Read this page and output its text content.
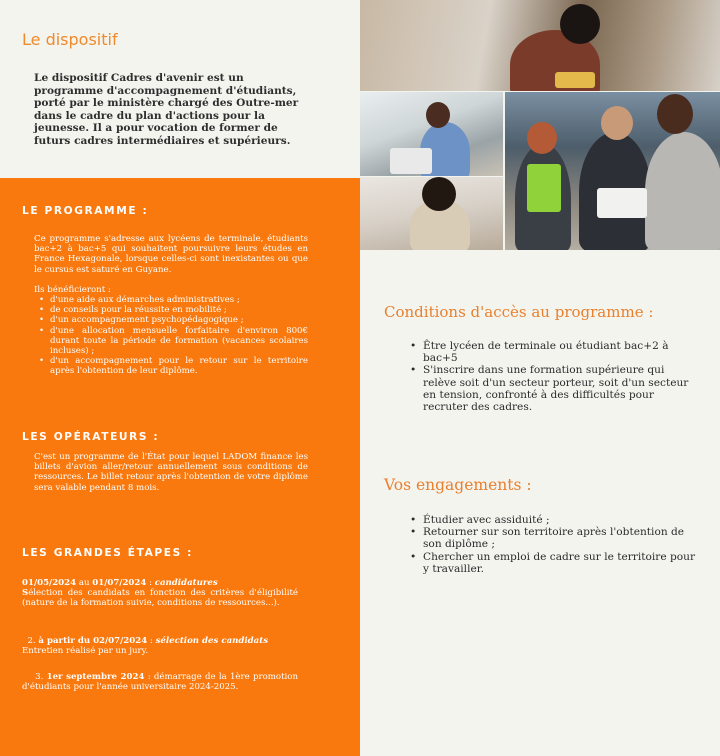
Le dispositif
Le dispositif Cadres d'avenir est un programme d'accompagnement d'étudiants, porté par le ministère chargé des Outre-mer dans le cadre du plan d'actions pour la jeunesse. Il a pour vocation de former de futurs cadres intermédiaires et supérieurs.
LE PROGRAMME :
Ce programme s'adresse aux lycéens de terminale, étudiants bac+2 à bac+5 qui souhaitent poursuivre leurs études en France Hexagonale, lorsque celles-ci sont inexistantes ou que le cursus est saturé en Guyane.
Ils bénéficieront :
• d'une aide aux démarches administratives ;
• de conseils pour la réussite en mobilité ;
• d'un accompagnement psychopédagogique ;
• d'une allocation mensuelle forfaitaire d'environ 800€ durant toute la période de formation (vacances scolaires incluses) ;
• d'un accompagnement pour le retour sur le territoire après l'obtention de leur diplôme.
LES OPÉRATEURS :
C'est un programme de l'État pour lequel LADOM finance les billets d'avion aller/retour annuellement sous conditions de ressources. Le billet retour après l'obtention de votre diplôme sera valable pendant 8 mois.
LES GRANDES ÉTAPES :
01/05/2024 au 01/07/2024 : candidatures
Sélection des candidats en fonction des critères d'éligibilité (nature de la formation suivie, conditions de ressources...).
2. à partir du 02/07/2024 : sélection des candidats
Entretien réalisé par un jury.
3. 1er septembre 2024 : démarrage de la 1ère promotion d'étudiants pour l'année universitaire 2024-2025.
Conditions d'accès au programme :
• Être lycéen de terminale ou étudiant bac+2 à bac+5
• S'inscrire dans une formation supérieure qui relève soit d'un secteur porteur, soit d'un secteur en tension, confronté à des difficultés pour recruter des cadres.
Vos engagements :
• Étudier avec assiduité ;
• Retourner sur son territoire après l'obtention de son diplôme ;
• Chercher un emploi de cadre sur le territoire pour y travailler.
